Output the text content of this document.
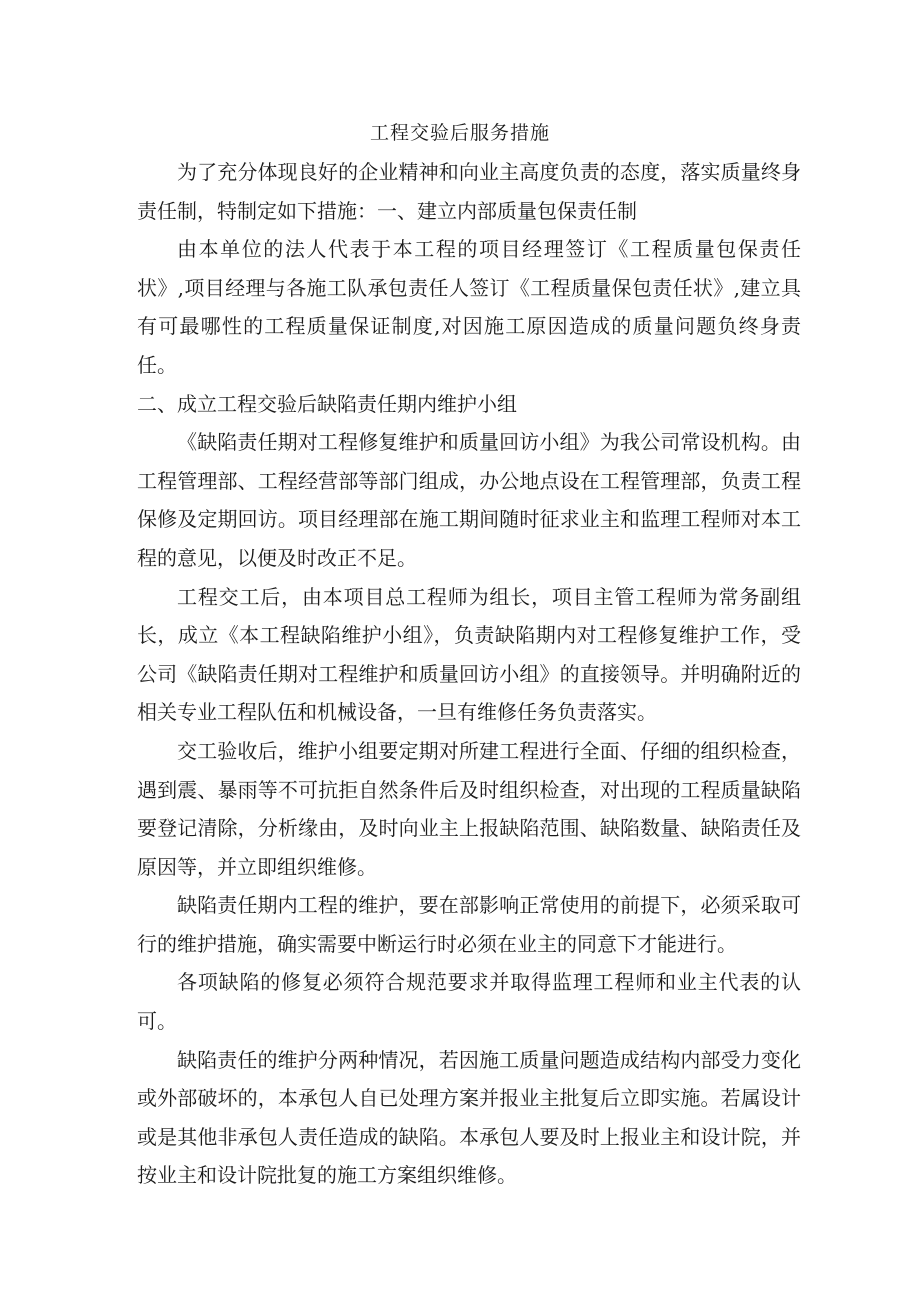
工程交验后服务措施

为了充分体现良好的企业精神和向业主高度负责的态度，落实质量终身责任制，特制定如下措施：一、建立内部质量包保责任制

由本单位的法人代表于本工程的项目经理签订《工程质量包保责任状》,项目经理与各施工队承包责任人签订《工程质量保包责任状》,建立具有可最哪性的工程质量保证制度,对因施工原因造成的质量问题负终身责任。

二、成立工程交验后缺陷责任期内维护小组

《缺陷责任期对工程修复维护和质量回访小组》为我公司常设机构。由工程管理部、工程经营部等部门组成，办公地点设在工程管理部，负责工程保修及定期回访。项目经理部在施工期间随时征求业主和监理工程师对本工程的意见，以便及时改正不足。

工程交工后，由本项目总工程师为组长，项目主管工程师为常务副组长，成立《本工程缺陷维护小组》，负责缺陷期内对工程修复维护工作，受公司《缺陷责任期对工程维护和质量回访小组》的直接领导。并明确附近的相关专业工程队伍和机械设备，一旦有维修任务负责落实。

交工验收后，维护小组要定期对所建工程进行全面、仔细的组织检查，遇到震、暴雨等不可抗拒自然条件后及时组织检查，对出现的工程质量缺陷要登记清除，分析缘由，及时向业主上报缺陷范围、缺陷数量、缺陷责任及原因等，并立即组织维修。

缺陷责任期内工程的维护，要在部影响正常使用的前提下，必须采取可行的维护措施，确实需要中断运行时必须在业主的同意下才能进行。

各项缺陷的修复必须符合规范要求并取得监理工程师和业主代表的认可。

缺陷责任的维护分两种情况，若因施工质量问题造成结构内部受力变化或外部破坏的，本承包人自已处理方案并报业主批复后立即实施。若属设计或是其他非承包人责任造成的缺陷。本承包人要及时上报业主和设计院，并按业主和设计院批复的施工方案组织维修。
